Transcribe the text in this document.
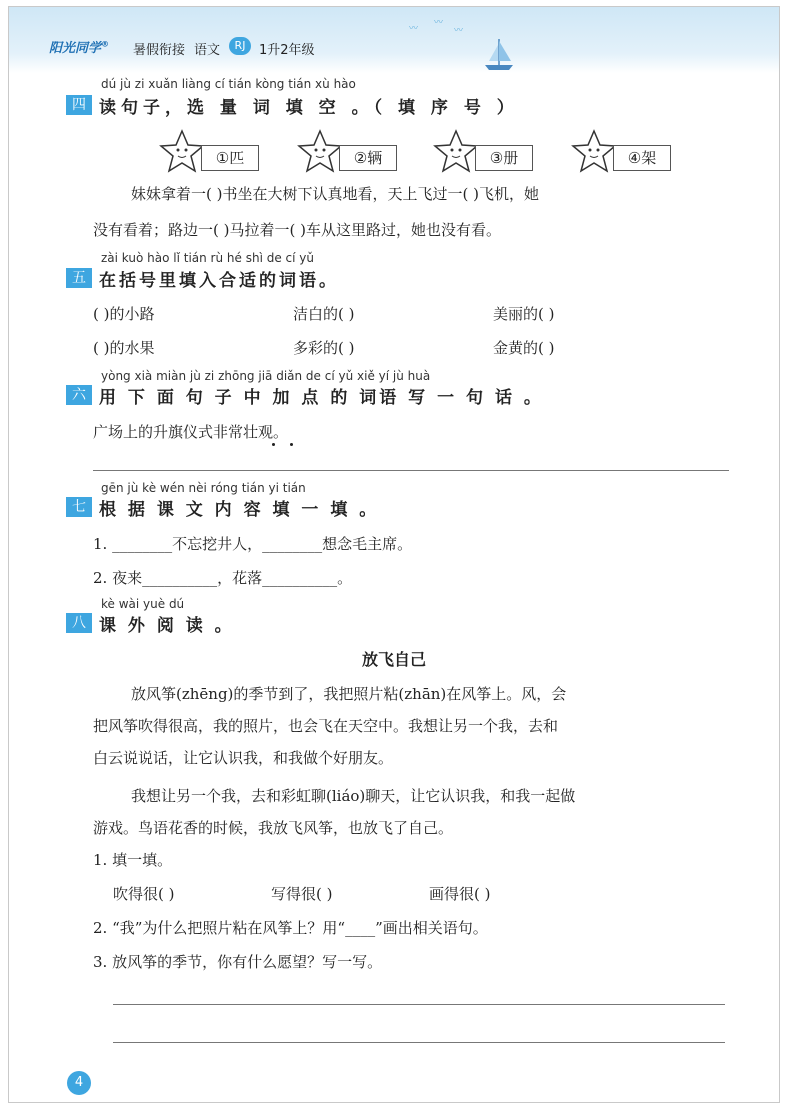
〰
〰
〰
阳光同学® 暑假衔接 语文	RJ	1升2年级
dú jù zi xuǎn liàng cí tián kòng tián xù hào
四 读句子，选 量 词 填 空 。（ 填 序 号 ）
①匹	②辆	③册	④架
妹妹拿着一( )书坐在大树下认真地看，天上飞过一( )飞机，她
没有看着；路边一( )马拉着一( )车从这里路过，她也没有看。
zài kuò hào lǐ tián rù hé shì de cí yǔ
五 在括号里填入合适的词语。
( )的小路	洁白的( )	美丽的( )
( )的水果	多彩的( )	金黄的( )
yòng xià miàn jù zi zhōng jiā diǎn de cí yǔ xiě yí jù huà
六 用 下 面 句 子 中 加 点 的 词语 写 一 句 话 。
广场上的升旗仪式非常壮观。
gēn jù kè wén nèi róng tián yi tián
七 根 据 课 文 内 容 填 一 填 。
1. ________不忘挖井人，________想念毛主席。
2. 夜来__________，花落__________。
kè wài yuè dú
八 课 外 阅 读 。
放飞自己
放风筝(zhēng)的季节到了，我把照片粘(zhān)在风筝上。风，会
把风筝吹得很高，我的照片，也会飞在天空中。我想让另一个我，去和
白云说说话，让它认识我，和我做个好朋友。
我想让另一个我，去和彩虹聊(liáo)聊天，让它认识我，和我一起做
游戏。鸟语花香的时候，我放飞风筝，也放飞了自己。
1. 填一填。
吹得很( )	写得很( )	画得很( )
2. “我”为什么把照片粘在风筝上？用“____”画出相关语句。
3. 放风筝的季节，你有什么愿望？写一写。
4
